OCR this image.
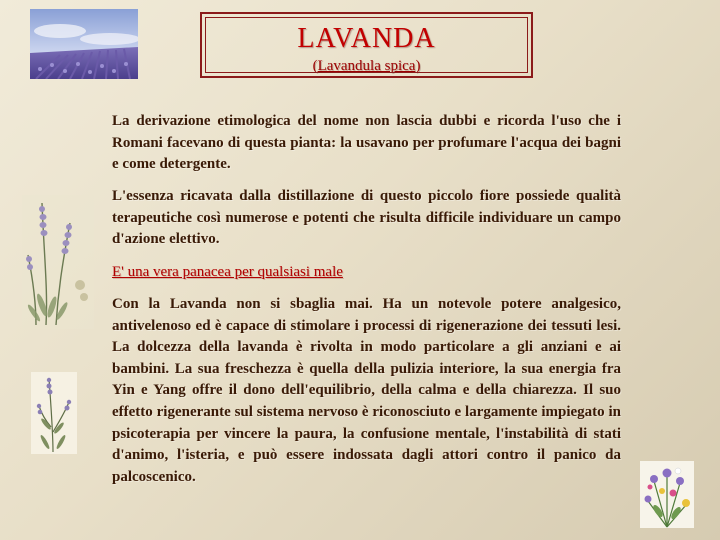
LAVANDA
(Lavandula spica)

La derivazione etimologica del nome non lascia dubbi e ricorda l'uso che i Romani facevano di questa pianta: la usavano per profumare l'acqua dei bagni e come detergente.

L'essenza ricavata dalla distillazione di questo piccolo fiore possiede qualità terapeutiche così numerose e potenti che risulta difficile individuare un campo d'azione elettivo.

E' una vera panacea per qualsiasi male

Con la Lavanda non si sbaglia mai. Ha un notevole potere analgesico, antivelenoso ed è capace di stimolare i processi di rigenerazione dei tessuti lesi. La dolcezza della lavanda è rivolta in modo particolare a gli anziani e ai bambini. La sua freschezza è quella della pulizia interiore, la sua energia fra Yin e Yang offre il dono dell'equilibrio, della calma e della chiarezza. Il suo effetto rigenerante sul sistema nervoso è riconosciuto e largamente impiegato in psicoterapia per vincere la paura, la confusione mentale, l'instabilità di stati d'animo, l'isteria, e può essere indossata dagli attori contro il panico da palcoscenico.
